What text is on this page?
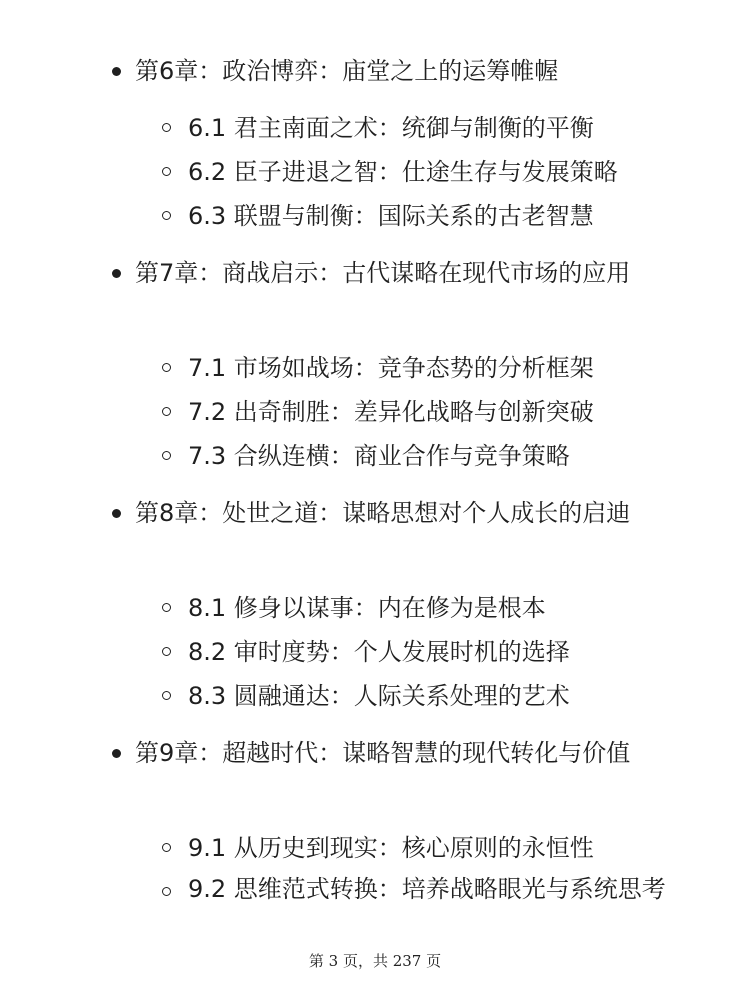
第6章：政治博弈：庙堂之上的运筹帷幄
6.1 君主南面之术：统御与制衡的平衡
6.2 臣子进退之智：仕途生存与发展策略
6.3 联盟与制衡：国际关系的古老智慧
第7章：商战启示：古代谋略在现代市场的应用
7.1 市场如战场：竞争态势的分析框架
7.2 出奇制胜：差异化战略与创新突破
7.3 合纵连横：商业合作与竞争策略
第8章：处世之道：谋略思想对个人成长的启迪
8.1 修身以谋事：内在修为是根本
8.2 审时度势：个人发展时机的选择
8.3 圆融通达：人际关系处理的艺术
第9章：超越时代：谋略智慧的现代转化与价值
9.1 从历史到现实：核心原则的永恒性
9.2 思维范式转换：培养战略眼光与系统思考
第 3 页，共 237 页
